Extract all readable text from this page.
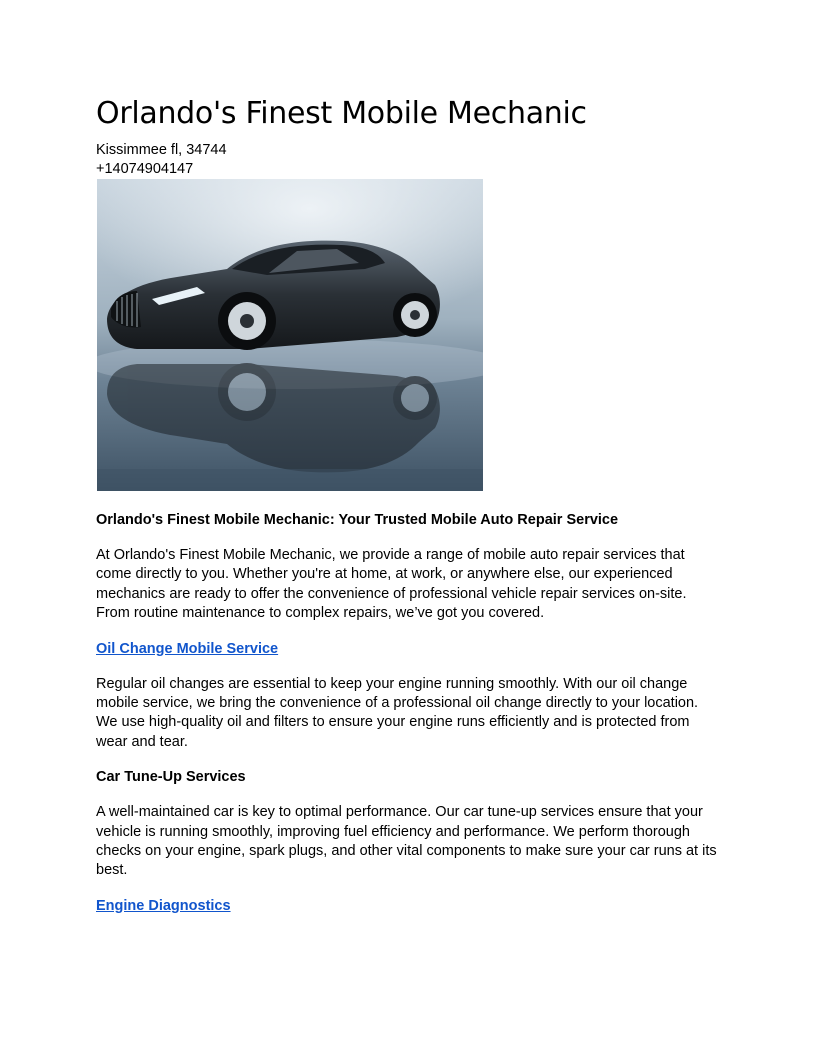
Orlando's Finest Mobile Mechanic

Kissimmee fl, 34744

+14074904147

Orlando's Finest Mobile Mechanic: Your Trusted Mobile Auto Repair Service

At Orlando's Finest Mobile Mechanic, we provide a range of mobile auto repair services that come directly to you. Whether you're at home, at work, or anywhere else, our experienced mechanics are ready to offer the convenience of professional vehicle repair services on-site. From routine maintenance to complex repairs, we’ve got you covered.

Oil Change Mobile Service

Regular oil changes are essential to keep your engine running smoothly. With our oil change mobile service, we bring the convenience of a professional oil change directly to your location. We use high-quality oil and filters to ensure your engine runs efficiently and is protected from wear and tear.

Car Tune-Up Services

A well-maintained car is key to optimal performance. Our car tune-up services ensure that your vehicle is running smoothly, improving fuel efficiency and performance. We perform thorough checks on your engine, spark plugs, and other vital components to make sure your car runs at its best.

Engine Diagnostics
